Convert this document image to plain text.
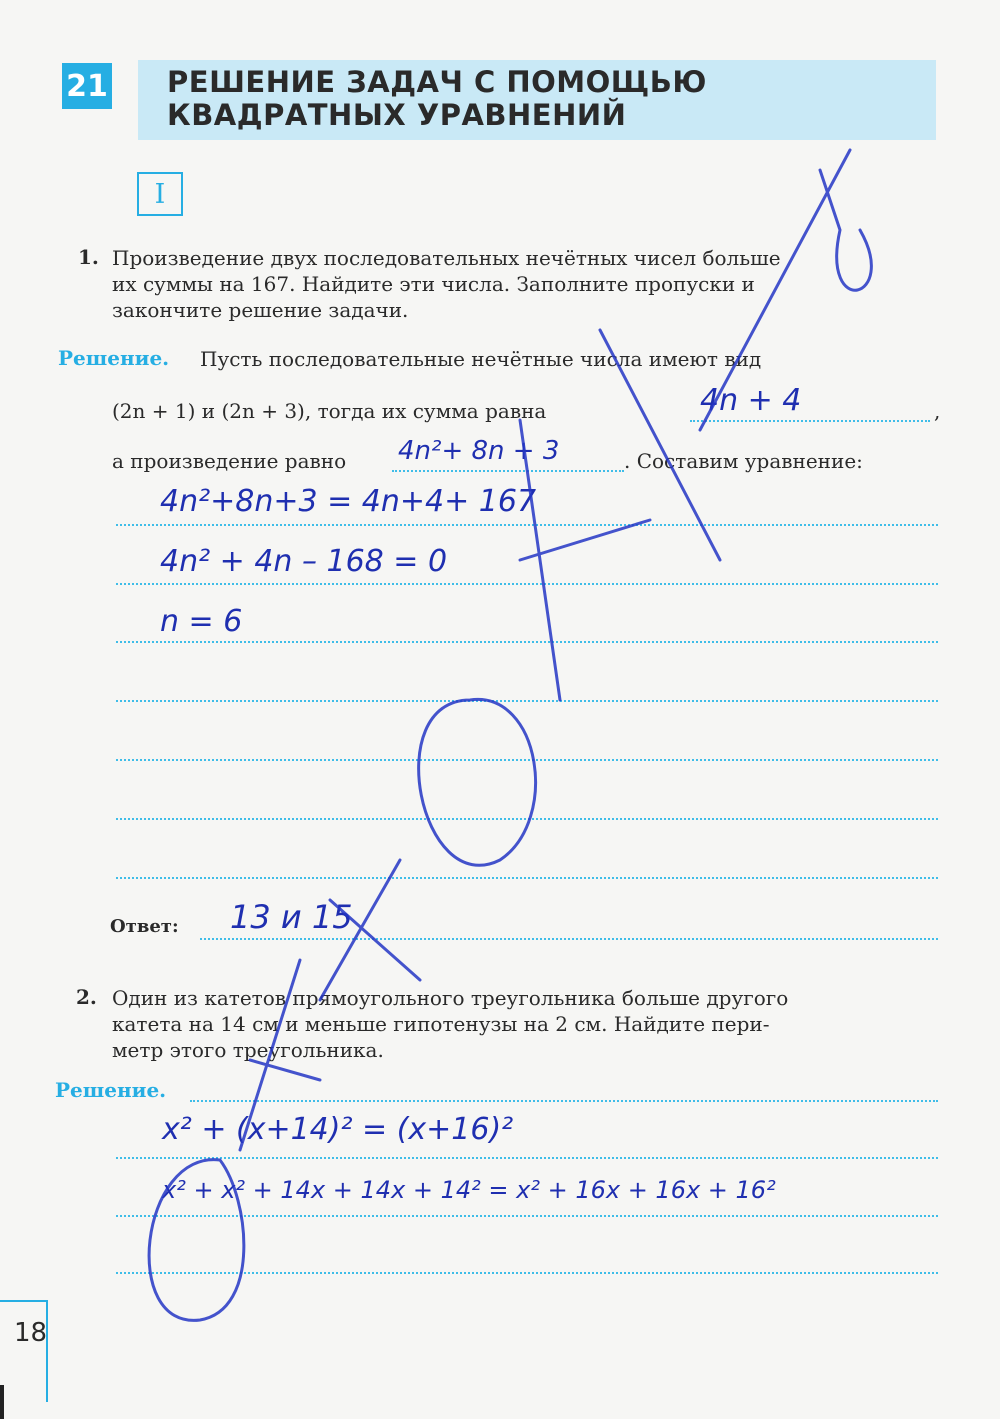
21 РЕШЕНИЕ ЗАДАЧ С ПОМОЩЬЮ
КВАДРАТНЫХ УРАВНЕНИЙ
I
1. Произведение двух последовательных нечётных чисел больше
их суммы на 167. Найдите эти числа. Заполните пропуски и
закончите решение задачи.
Решение. Пусть последовательные нечётные числа имеют вид
(2n + 1) и (2n + 3), тогда их сумма равна	4n + 4	,
а произведение равно 4n²+ 8n + 3	. Составим уравнение:
4n²+8n+3 = 4n+4+ 167
4n² + 4n – 168 = 0
n = 6
Ответ: 13 и 15
2. Один из катетов прямоугольного треугольника больше другого
катета на 14 см и меньше гипотенузы на 2 см. Найдите пери-
метр этого треугольника.
Решение.
x² + (x+14)² = (x+16)²
x² + x² + 14x + 14x + 14² = x² + 16x + 16x + 16²
18
